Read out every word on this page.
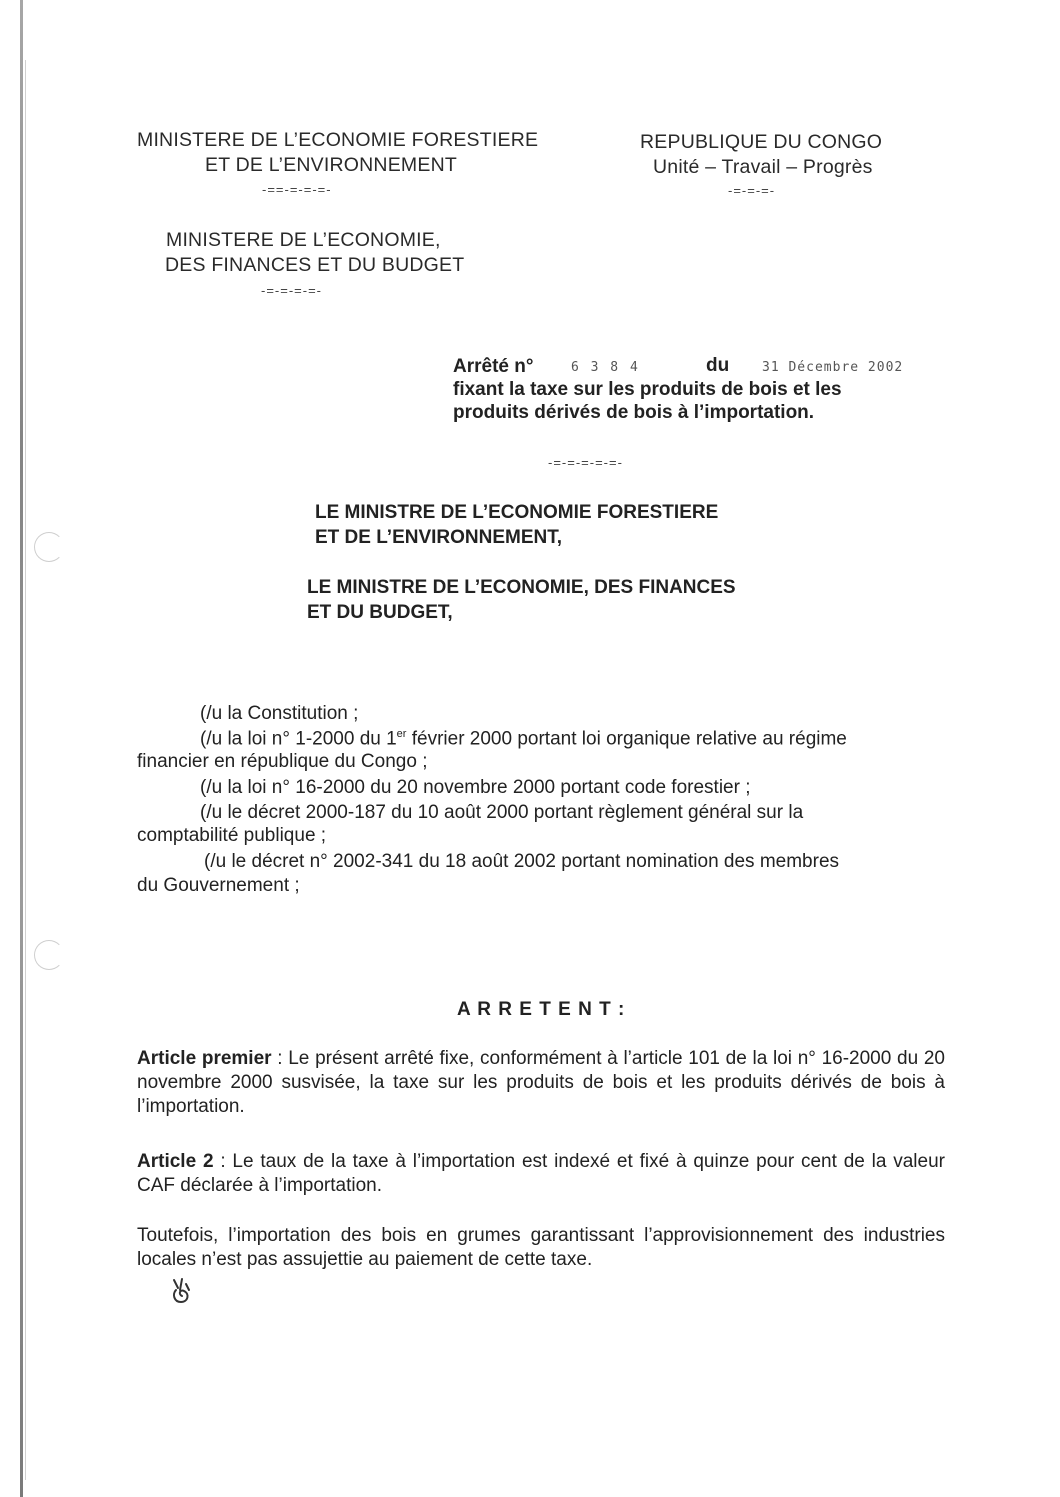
MINISTERE DE L’ECONOMIE FORESTIERE
ET DE L’ENVIRONNEMENT
-==-=-=-=-
REPUBLIQUE DU CONGO
Unité – Travail – Progrès
-=-=-=-
MINISTERE DE L’ECONOMIE,
DES FINANCES ET DU BUDGET
-=-=-=-=-
Arrêté n°	6 3 8 4	du	31 Décembre 2002
fixant la taxe sur les produits de bois et les
produits dérivés de bois à l’importation.
-=-=-=-=-=-
LE MINISTRE DE L’ECONOMIE FORESTIERE
ET DE L’ENVIRONNEMENT,
LE MINISTRE DE L’ECONOMIE, DES FINANCES
ET DU BUDGET,
(/u la Constitution ;
(/u la loi n° 1-2000 du 1er février 2000 portant loi organique relative au régime
financier en république du Congo ;
(/u la loi n° 16-2000 du 20 novembre 2000 portant code forestier ;
(/u le décret 2000-187 du 10 août 2000 portant règlement général sur la
comptabilité publique ;
(/u le décret n° 2002-341 du 18 août 2002 portant nomination des membres
du Gouvernement ;
A R R E T E N T :
Article premier : Le présent arrêté fixe, conformément à l’article 101 de la loi n° 16-2000 du 20 novembre 2000 susvisée, la taxe sur les produits de bois et les produits dérivés de bois à l’importation.
Article 2 : Le taux de la taxe à l’importation est indexé et fixé à quinze pour cent de la valeur CAF déclarée à l’importation.
Toutefois, l’importation des bois en grumes garantissant l’approvisionnement des industries locales n’est pas assujettie au paiement de cette taxe.
